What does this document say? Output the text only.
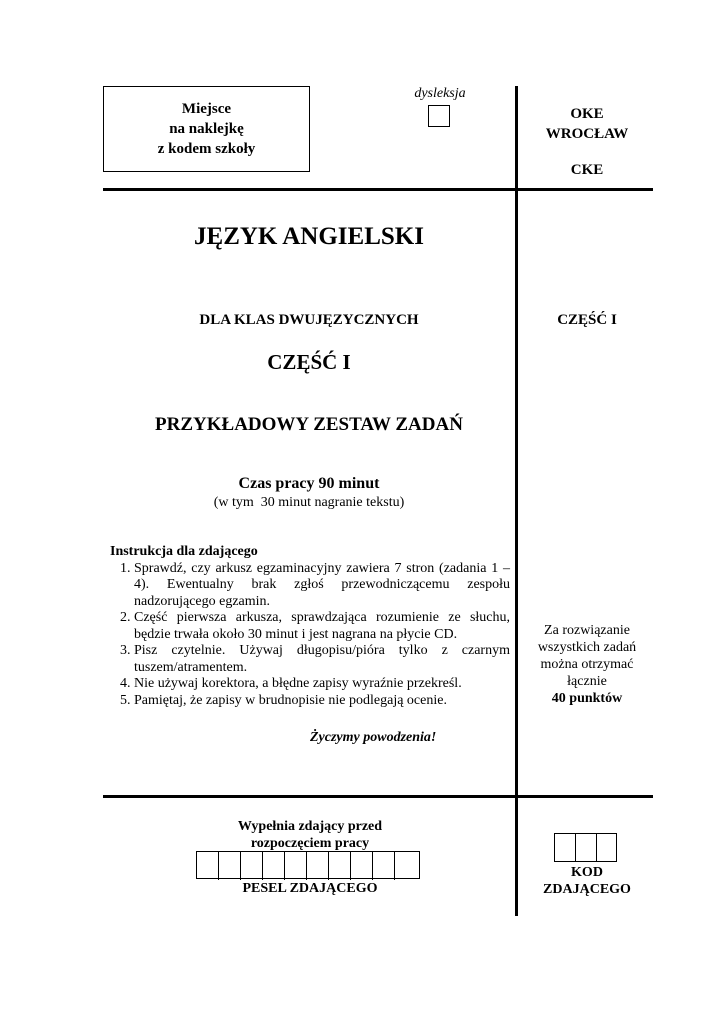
Miejsce
na naklejkę
z kodem szkoły
dysleksja
OKE
WROCŁAW
CKE
JĘZYK ANGIELSKI
DLA KLAS DWUJĘZYCZNYCH	CZĘŚĆ I
CZĘŚĆ I
PRZYKŁADOWY ZESTAW ZADAŃ
Czas pracy 90 minut
(w tym  30 minut nagranie tekstu)
Instrukcja dla zdającego
1. Sprawdź, czy arkusz egzaminacyjny zawiera 7 stron (zadania 1 – 4). Ewentualny brak zgłoś przewodniczącemu zespołu nadzorującego egzamin.
2. Część pierwsza arkusza, sprawdzająca rozumienie ze słuchu, będzie trwała około 30 minut i jest nagrana na płycie CD.
3. Pisz czytelnie. Używaj długopisu/pióra tylko z czarnym tuszem/atramentem.
4. Nie używaj korektora, a błędne zapisy wyraźnie przekreśl.
5. Pamiętaj, że zapisy w brudnopisie nie podlegają ocenie.
Życzymy powodzenia!
Za rozwiązanie
wszystkich zadań
można otrzymać
łącznie
40 punktów
Wypełnia zdający przed
rozpoczęciem pracy
PESEL ZDAJĄCEGO
KOD
ZDAJĄCEGO
